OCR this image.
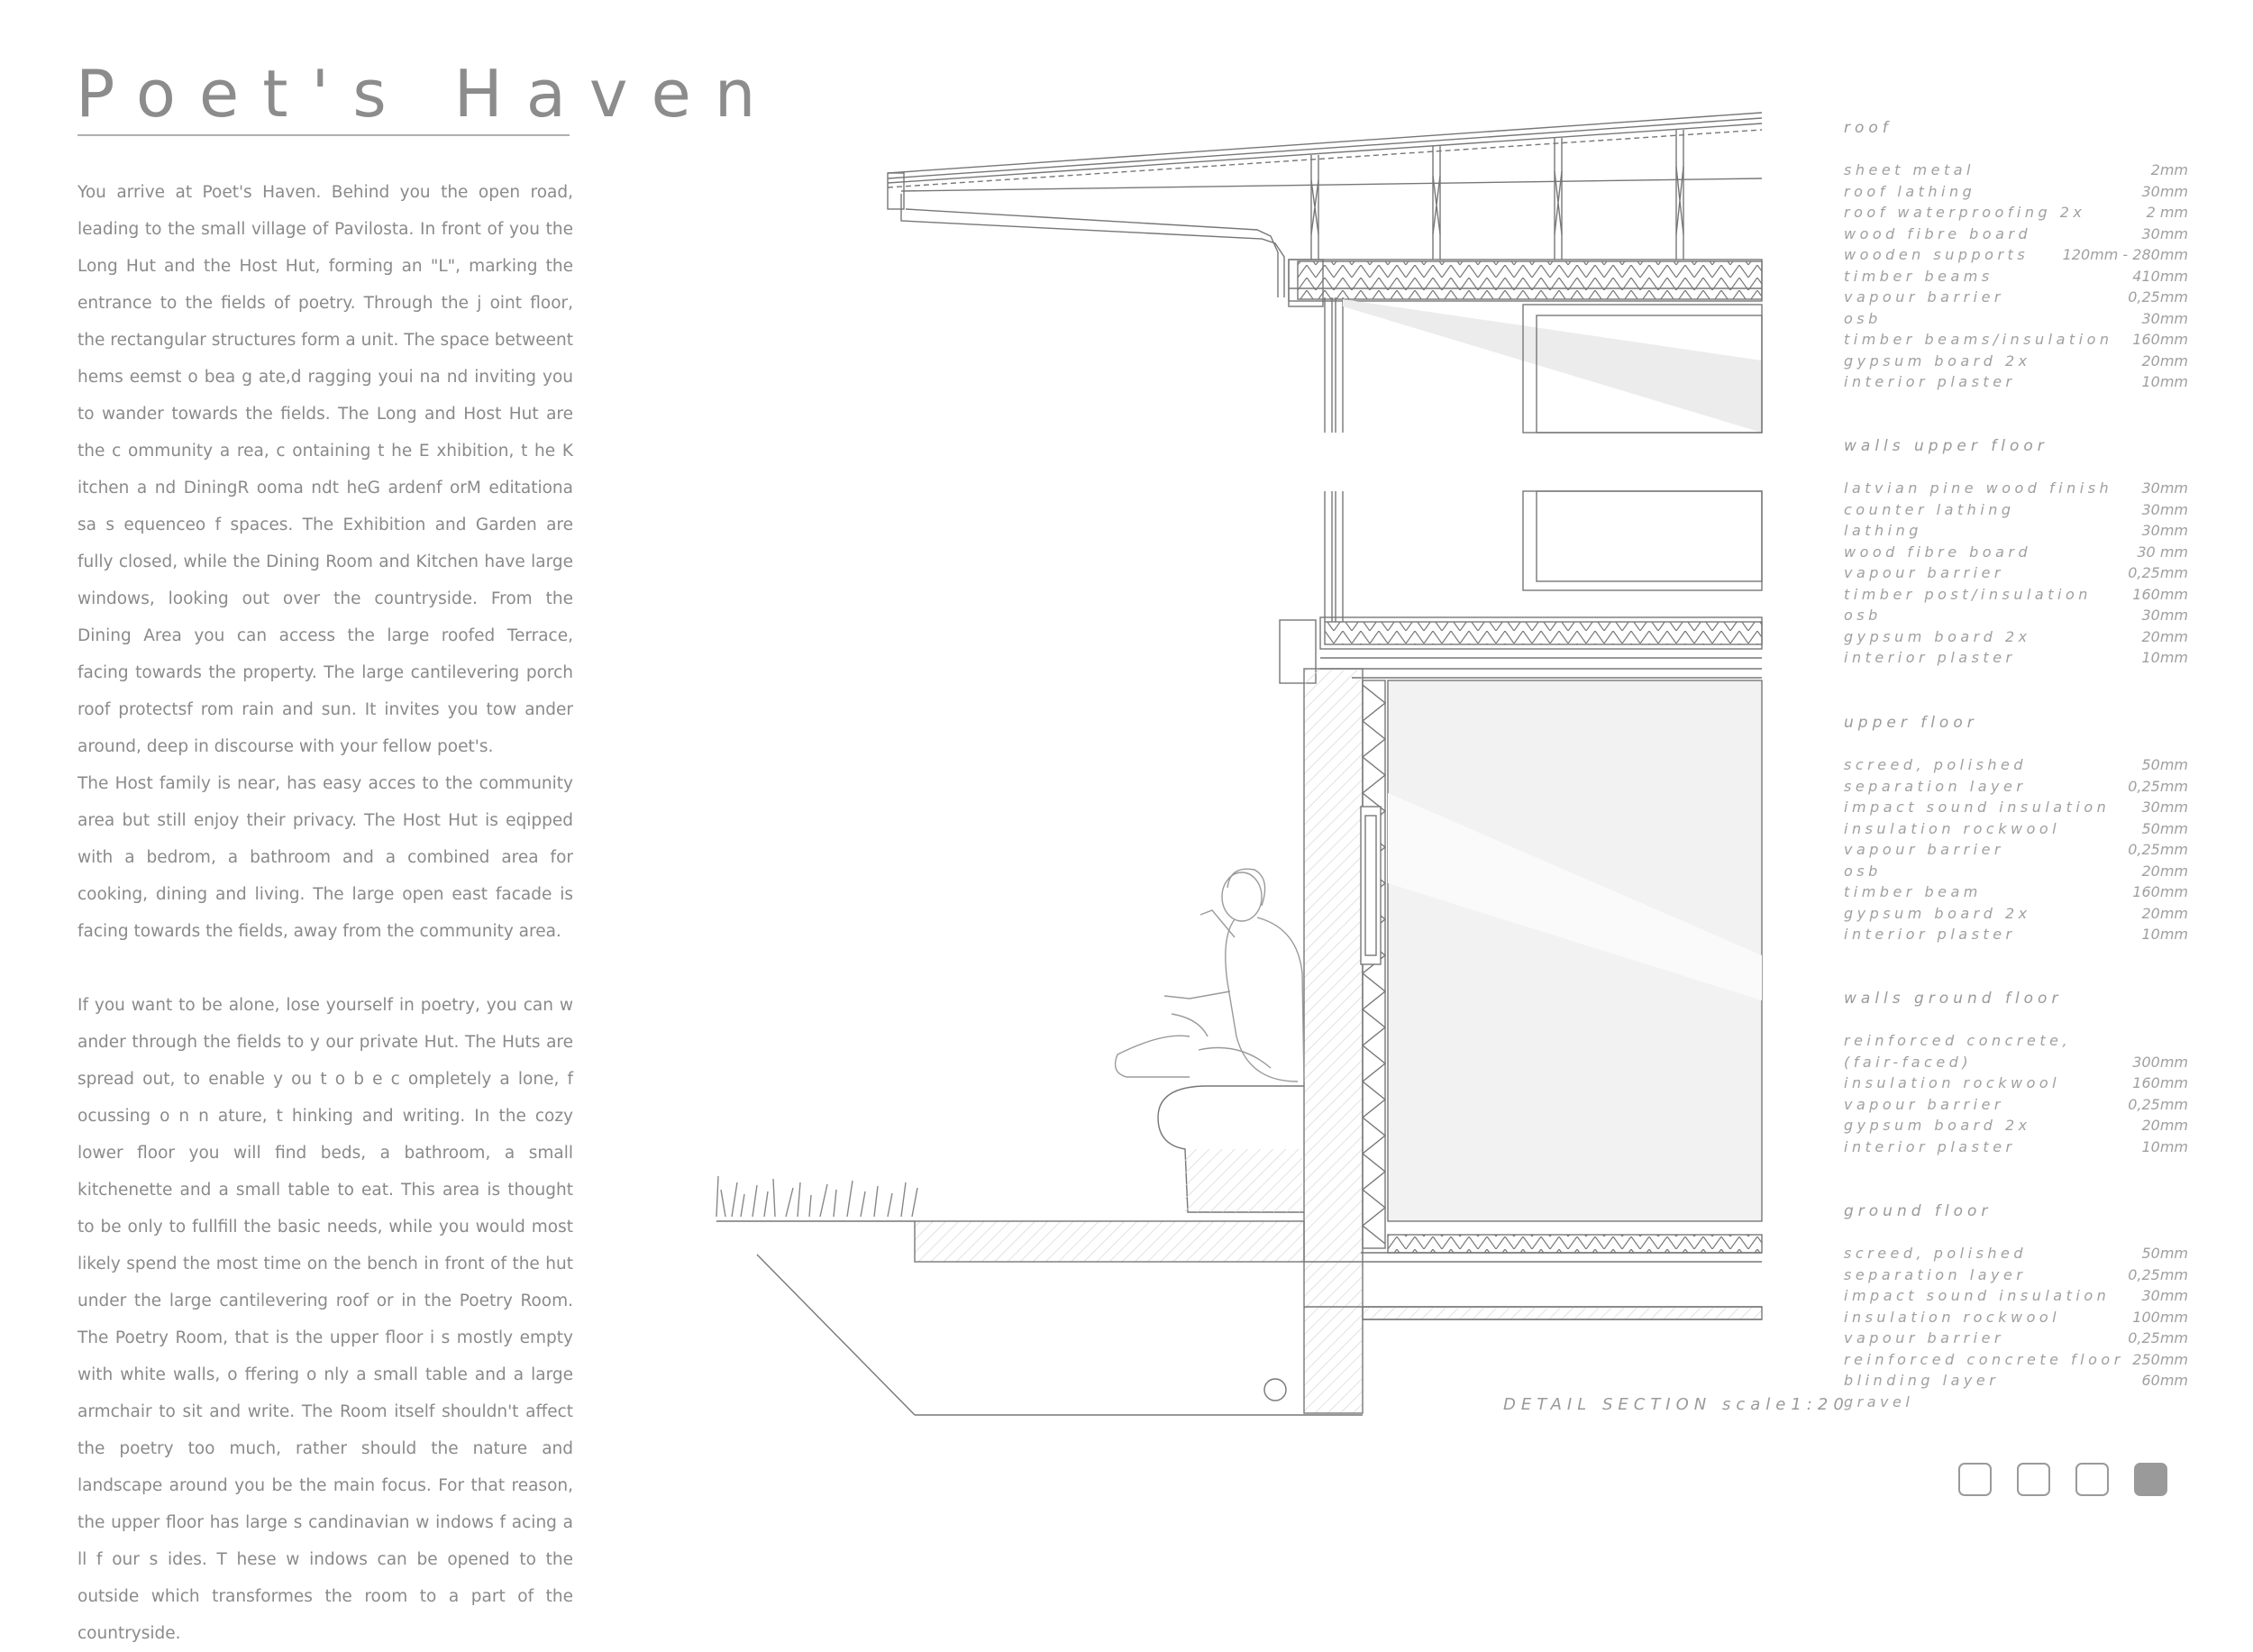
Poet's Haven

You arrive at Poet's Haven. Behind you the open road, leading to the small village of Pavilosta. In front of you the Long Hut and the Host Hut, forming an "L", marking the entrance to the fields of poetry. Through the j oint floor, the rectangular structures form a unit. The space betweent hems eemst o bea g ate,d ragging youi na nd inviting you to wander towards the fields. The Long and Host Hut are the c ommunity a rea, c ontaining t he E xhibition, t he K itchen a nd DiningR ooma ndt heG ardenf orM editationa sa s equenceo f spaces. The Exhibition and Garden are fully closed, while the Dining Room and Kitchen have large windows, looking out over the countryside. From the Dining Area you can access the large roofed Terrace, facing towards the property. The large cantilevering porch roof protectsf rom rain and sun. It invites you tow ander around, deep in discourse with your fellow poet's.

The Host family is near, has easy acces to the community area but still enjoy their privacy. The Host Hut is eqipped with a bedrom, a bathroom and a combined area for cooking, dining and living. The large open east facade is facing towards the fields, away from the community area.

If you want to be alone, lose yourself in poetry, you can w ander through the fields to y our private Hut. The Huts are spread out, to enable y ou t o b e c ompletely a lone, f ocussing o n n ature, t hinking and writing. In the cozy lower floor you will find beds, a bathroom, a small kitchenette and a small table to eat. This area is thought to be only to fullfill the basic needs, while you would most likely spend the most time on the bench in front of the hut under the large cantilevering roof or in the Poetry Room. The Poetry Room, that is the upper floor i s mostly empty with white walls, o ffering o nly a small table and a large armchair to sit and write. The Room itself shouldn't affect the poetry too much, rather should the nature and landscape around you be the main focus. For that reason, the upper floor has large s candinavian w indows f acing a ll f our s ides. T hese w indows can be opened to the outside which transformes the room to a part of the countryside.

DETAIL SECTION scale1:20
roof
sheet metal	2mm
roof lathing	30mm
roof waterproofing 2x	2 mm
wood fibre board	30mm
wooden supports 120mm - 280mm
timber beams	410mm
vapour barrier	0,25mm
osb	30mm
timber beams/insulation 160mm
gypsum board 2x	20mm
interior plaster	10mm
walls upper floor
latvian pine wood finish 30mm
counter lathing	30mm
lathing	30mm
wood fibre board	30 mm
vapour barrier	0,25mm
timber post/insulation	160mm
osb	30mm
gypsum board 2x	20mm
interior plaster	10mm
upper floor
screed, polished	50mm
separation layer	0,25mm
impact sound insulation 30mm
insulation rockwool	50mm
vapour barrier	0,25mm
osb	20mm
timber beam	160mm
gypsum board 2x	20mm
interior plaster	10mm
walls ground floor
reinforced concrete,
(fair-faced)	300mm
insulation rockwool	160mm
vapour barrier	0,25mm
gypsum board 2x	20mm
interior plaster	10mm
ground floor
screed, polished	50mm
separation layer	0,25mm
impact sound insulation 30mm
insulation rockwool	100mm
vapour barrier	0,25mm
reinforced concrete floor 250mm
blinding layer	60mm
gravel
